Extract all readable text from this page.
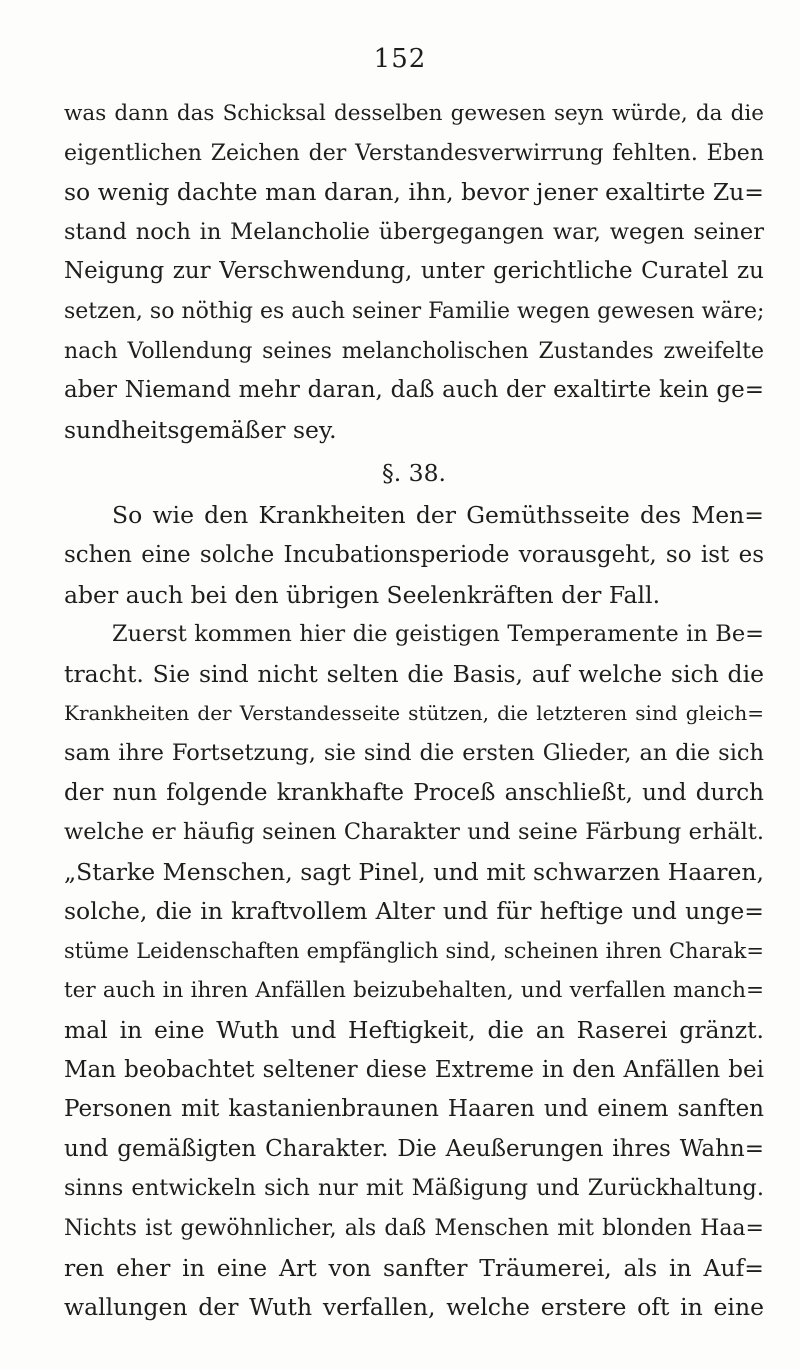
152
was dann das Schicksal desselben gewesen seyn würde, da die
eigentlichen Zeichen der Verstandesverwirrung fehlten. Eben
so wenig dachte man daran, ihn, bevor jener exaltirte Zu=
stand noch in Melancholie übergegangen war, wegen seiner
Neigung zur Verschwendung, unter gerichtliche Curatel zu
setzen, so nöthig es auch seiner Familie wegen gewesen wäre;
nach Vollendung seines melancholischen Zustandes zweifelte
aber Niemand mehr daran, daß auch der exaltirte kein ge=
sundheitsgemäßer sey.
§. 38.
So wie den Krankheiten der Gemüthsseite des Men=
schen eine solche Incubationsperiode vorausgeht, so ist es
aber auch bei den übrigen Seelenkräften der Fall.
Zuerst kommen hier die geistigen Temperamente in Be=
tracht. Sie sind nicht selten die Basis, auf welche sich die
Krankheiten der Verstandesseite stützen, die letzteren sind gleich=
sam ihre Fortsetzung, sie sind die ersten Glieder, an die sich
der nun folgende krankhafte Proceß anschließt, und durch
welche er häufig seinen Charakter und seine Färbung erhält.
„Starke Menschen, sagt Pinel, und mit schwarzen Haaren,
solche, die in kraftvollem Alter und für heftige und unge=
stüme Leidenschaften empfänglich sind, scheinen ihren Charak=
ter auch in ihren Anfällen beizubehalten, und verfallen manch=
mal in eine Wuth und Heftigkeit, die an Raserei gränzt.
Man beobachtet seltener diese Extreme in den Anfällen bei
Personen mit kastanienbraunen Haaren und einem sanften
und gemäßigten Charakter. Die Aeußerungen ihres Wahn=
sinns entwickeln sich nur mit Mäßigung und Zurückhaltung.
Nichts ist gewöhnlicher, als daß Menschen mit blonden Haa=
ren eher in eine Art von sanfter Träumerei, als in Auf=
wallungen der Wuth verfallen, welche erstere oft in eine
